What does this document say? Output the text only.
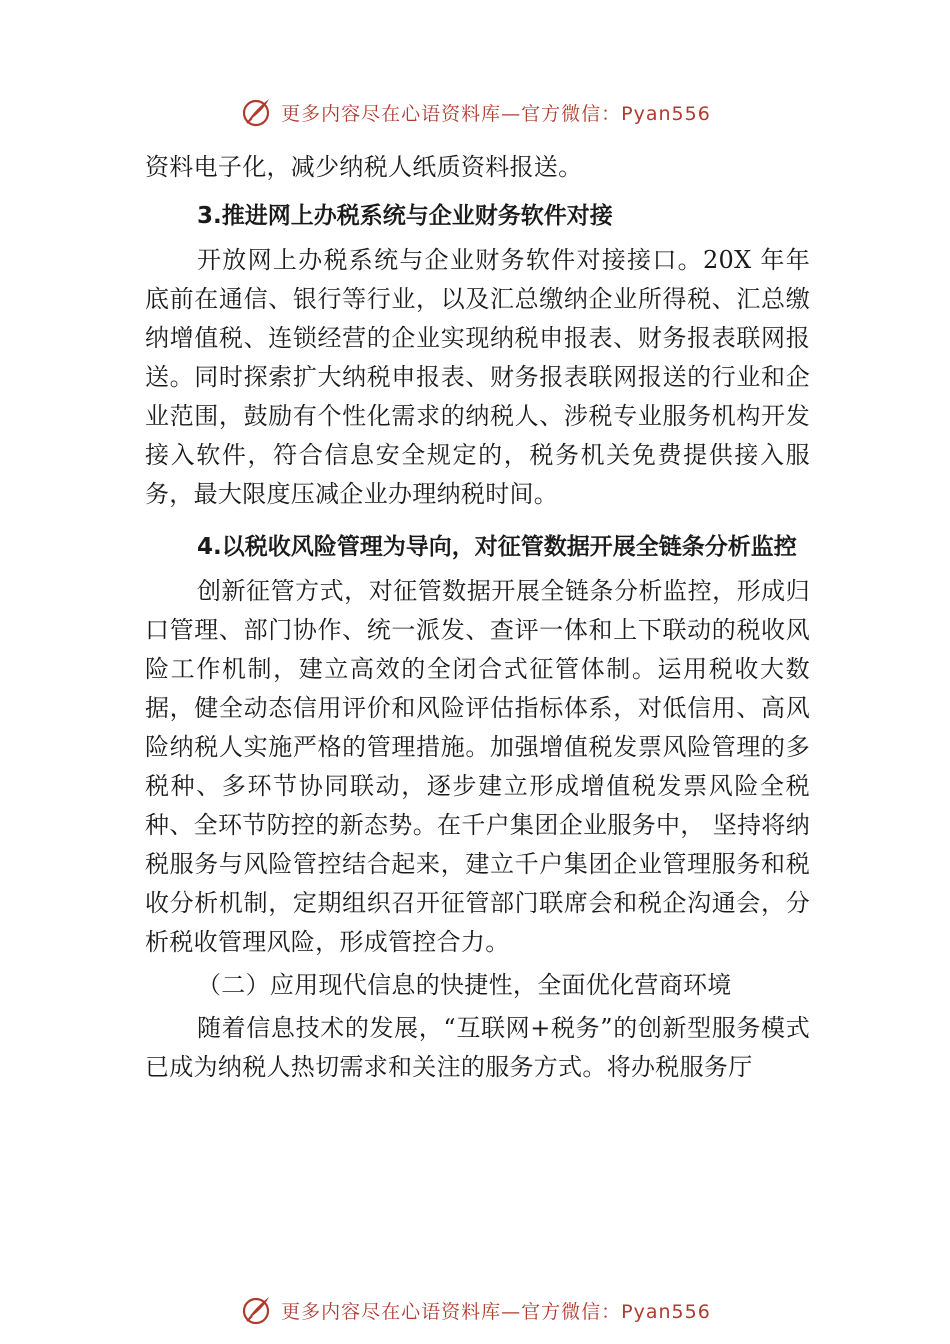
更多内容尽在心语资料库—官方微信：Pyan556

资料电子化，减少纳税人纸质资料报送。

3.推进网上办税系统与企业财务软件对接

开放网上办税系统与企业财务软件对接接口。20X 年年底前在通信、银行等行业，以及汇总缴纳企业所得税、汇总缴纳增值税、连锁经营的企业实现纳税申报表、财务报表联网报送。同时探索扩大纳税申报表、财务报表联网报送的行业和企业范围，鼓励有个性化需求的纳税人、涉税专业服务机构开发接入软件，符合信息安全规定的，税务机关免费提供接入服务，最大限度压减企业办理纳税时间。

4.以税收风险管理为导向，对征管数据开展全链条分析监控

创新征管方式，对征管数据开展全链条分析监控，形成归口管理、部门协作、统一派发、查评一体和上下联动的税收风险工作机制，建立高效的全闭合式征管体制。运用税收大数据，健全动态信用评价和风险评估指标体系，对低信用、高风险纳税人实施严格的管理措施。加强增值税发票风险管理的多税种、多环节协同联动，逐步建立形成增值税发票风险全税种、全环节防控的新态势。在千户集团企业服务中， 坚持将纳税服务与风险管控结合起来，建立千户集团企业管理服务和税收分析机制，定期组织召开征管部门联席会和税企沟通会，分析税收管理风险，形成管控合力。

（二）应用现代信息的快捷性，全面优化营商环境

随着信息技术的发展，“互联网+税务”的创新型服务模式已成为纳税人热切需求和关注的服务方式。将办税服务厅

更多内容尽在心语资料库—官方微信：Pyan556
